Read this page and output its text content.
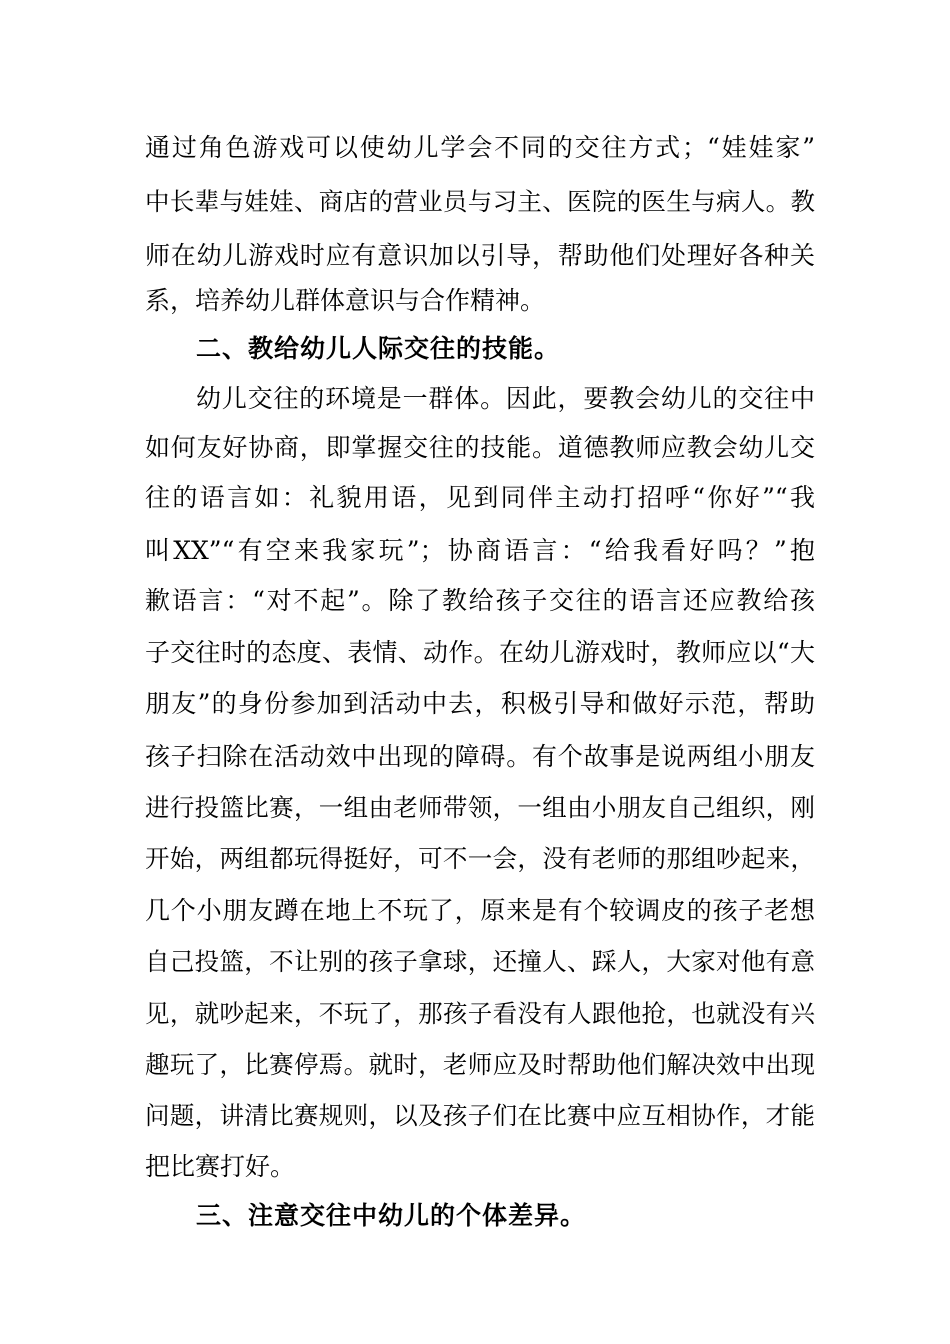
通过角色游戏可以使幼儿学会不同的交往方式；“娃娃家”
中长辈与娃娃、商店的营业员与习主、医院的医生与病人。教
师在幼儿游戏时应有意识加以引导，帮助他们处理好各种关
系，培养幼儿群体意识与合作精神。
二、教给幼儿人际交往的技能。
幼儿交往的环境是一群体。因此，要教会幼儿的交往中
如何友好协商，即掌握交往的技能。道德教师应教会幼儿交
往的语言如：礼貌用语，见到同伴主动打招呼“你好”“我
叫XX”“有空来我家玩”；协商语言：“给我看好吗？”抱
歉语言：“对不起”。除了教给孩子交往的语言还应教给孩
子交往时的态度、表情、动作。在幼儿游戏时，教师应以“大
朋友”的身份参加到活动中去，积极引导和做好示范，帮助
孩子扫除在活动效中出现的障碍。有个故事是说两组小朋友
进行投篮比赛，一组由老师带领，一组由小朋友自己组织，刚
开始，两组都玩得挺好，可不一会，没有老师的那组吵起来，
几个小朋友蹲在地上不玩了，原来是有个较调皮的孩子老想
自己投篮，不让别的孩子拿球，还撞人、踩人，大家对他有意
见，就吵起来，不玩了，那孩子看没有人跟他抢，也就没有兴
趣玩了，比赛停焉。就时，老师应及时帮助他们解决效中出现
问题，讲清比赛规则，以及孩子们在比赛中应互相协作，才能
把比赛打好。
三、注意交往中幼儿的个体差异。
